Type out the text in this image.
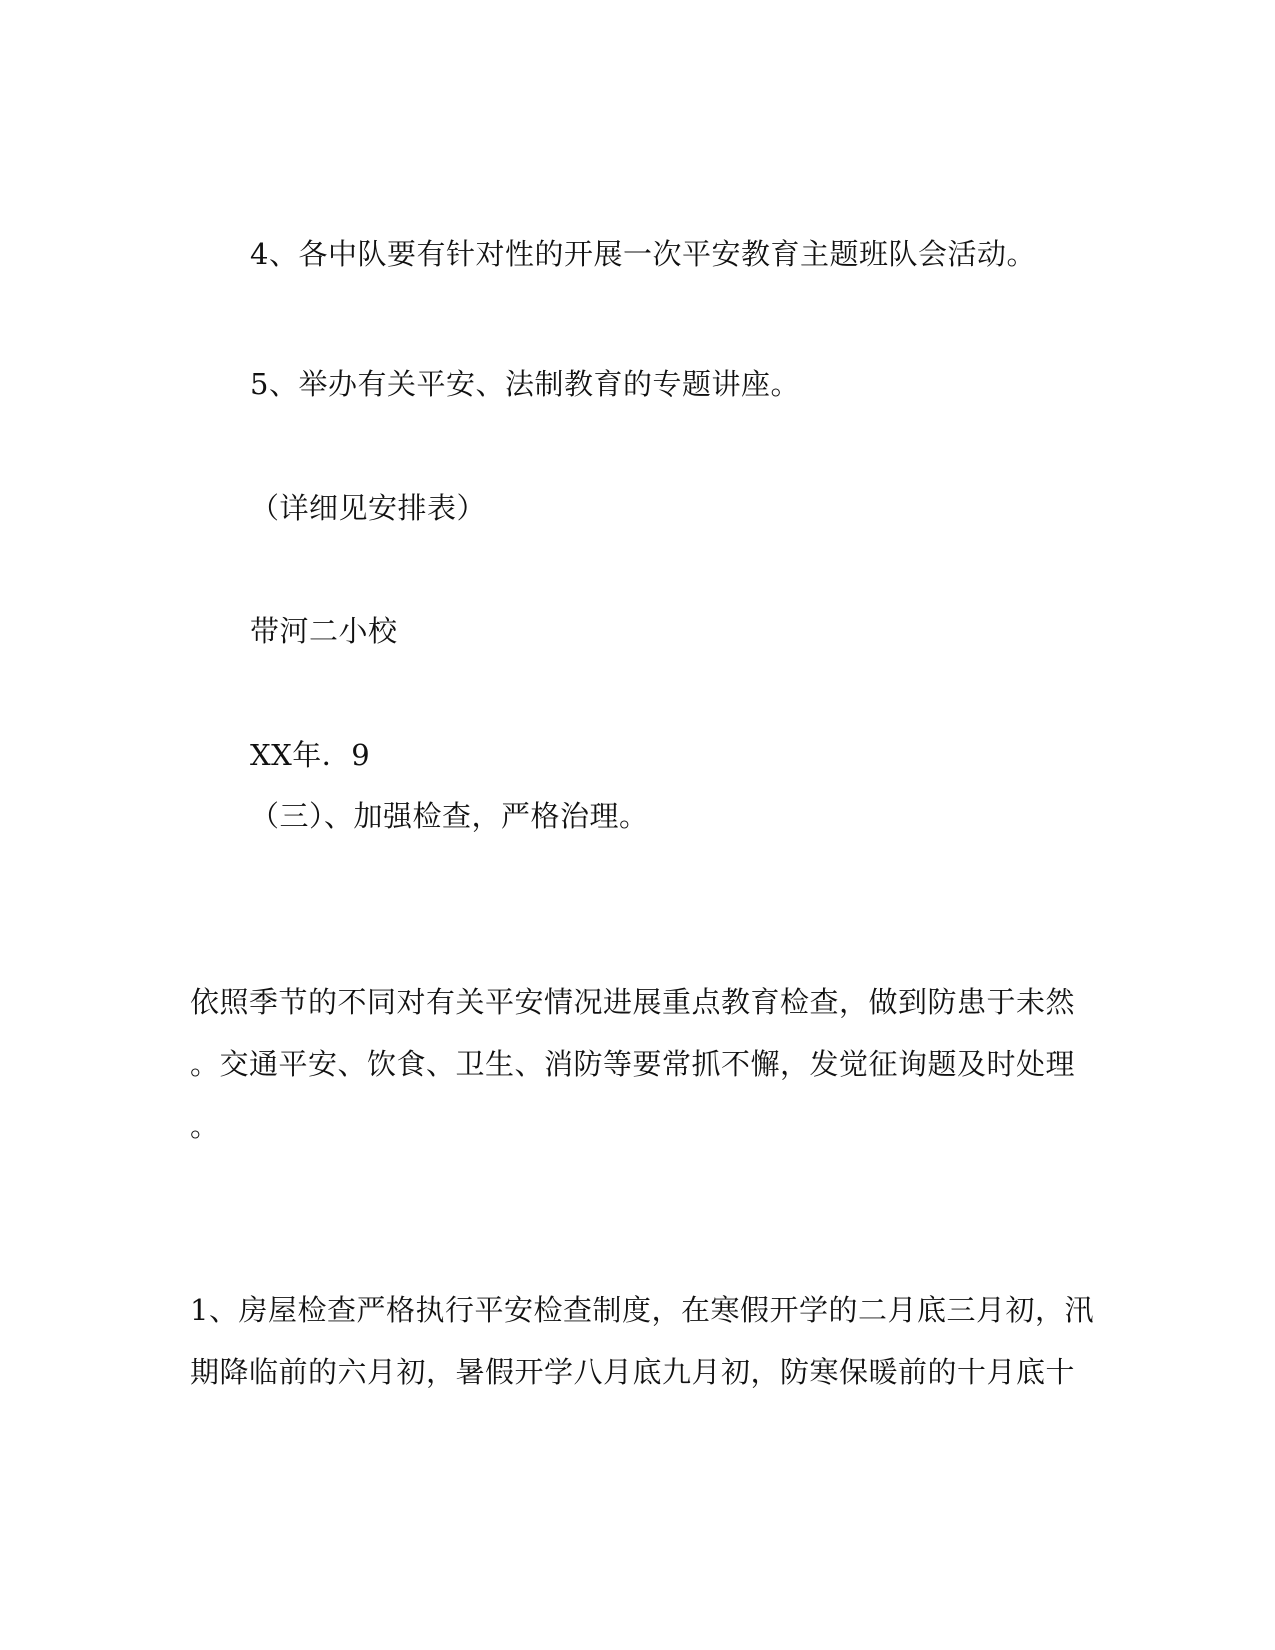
4、各中队要有针对性的开展一次平安教育主题班队会活动。
5、举办有关平安、法制教育的专题讲座。
（详细见安排表）
带河二小校
XX年．9
（三）、加强检查，严格治理。
依照季节的不同对有关平安情况进展重点教育检查，做到防患于未然
。交通平安、饮食、卫生、消防等要常抓不懈，发觉征询题及时处理
。
1、房屋检查严格执行平安检查制度，在寒假开学的二月底三月初，汛
期降临前的六月初，暑假开学八月底九月初，防寒保暖前的十月底十
